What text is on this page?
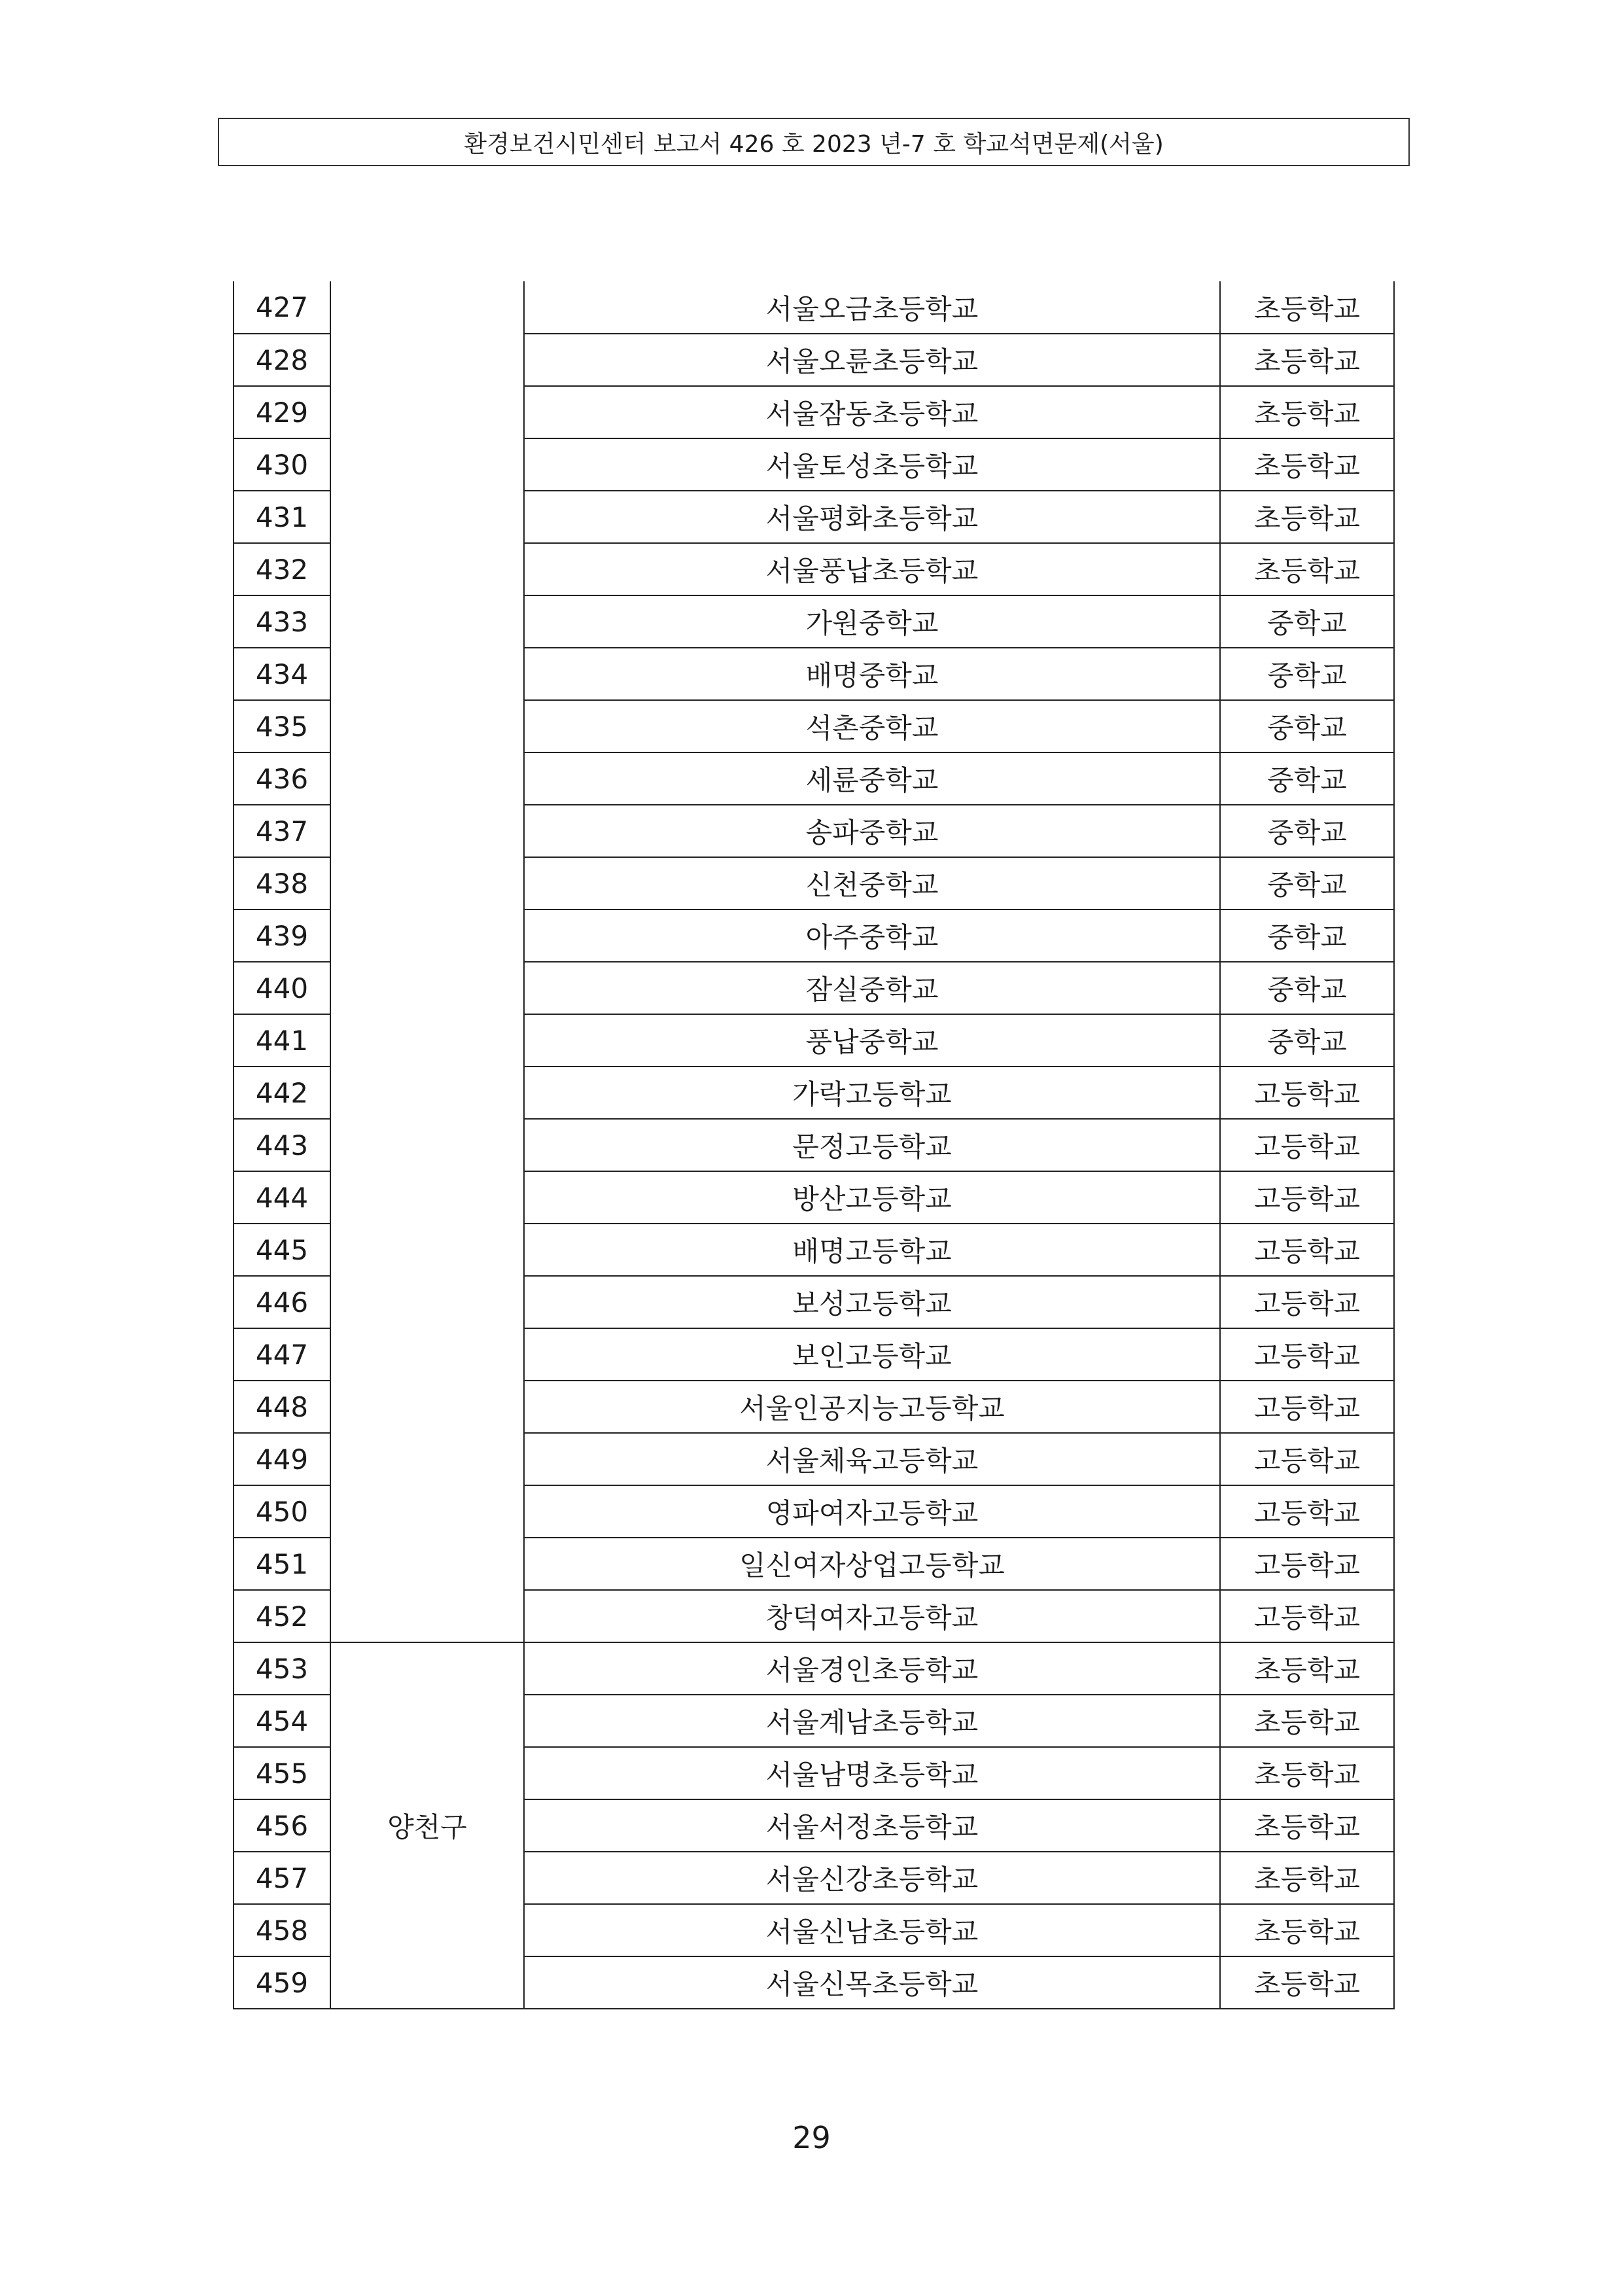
환경보건시민센터 보고서 426 호 2023 년-7 호 학교석면문제(서울)
427		서울오금초등학교	초등학교
428		서울오륜초등학교	초등학교
429		서울잠동초등학교	초등학교
430		서울토성초등학교	초등학교
431		서울평화초등학교	초등학교
432		서울풍납초등학교	초등학교
433		가원중학교	중학교
434		배명중학교	중학교
435		석촌중학교	중학교
436		세륜중학교	중학교
437		송파중학교	중학교
438		신천중학교	중학교
439		아주중학교	중학교
440		잠실중학교	중학교
441		풍납중학교	중학교
442		가락고등학교	고등학교
443		문정고등학교	고등학교
444		방산고등학교	고등학교
445		배명고등학교	고등학교
446		보성고등학교	고등학교
447		보인고등학교	고등학교
448		서울인공지능고등학교	고등학교
449		서울체육고등학교	고등학교
450		영파여자고등학교	고등학교
451		일신여자상업고등학교	고등학교
452		창덕여자고등학교	고등학교
453	양천구	서울경인초등학교	초등학교
454		서울계남초등학교	초등학교
455		서울남명초등학교	초등학교
456		서울서정초등학교	초등학교
457		서울신강초등학교	초등학교
458		서울신남초등학교	초등학교
459		서울신목초등학교	초등학교
29
